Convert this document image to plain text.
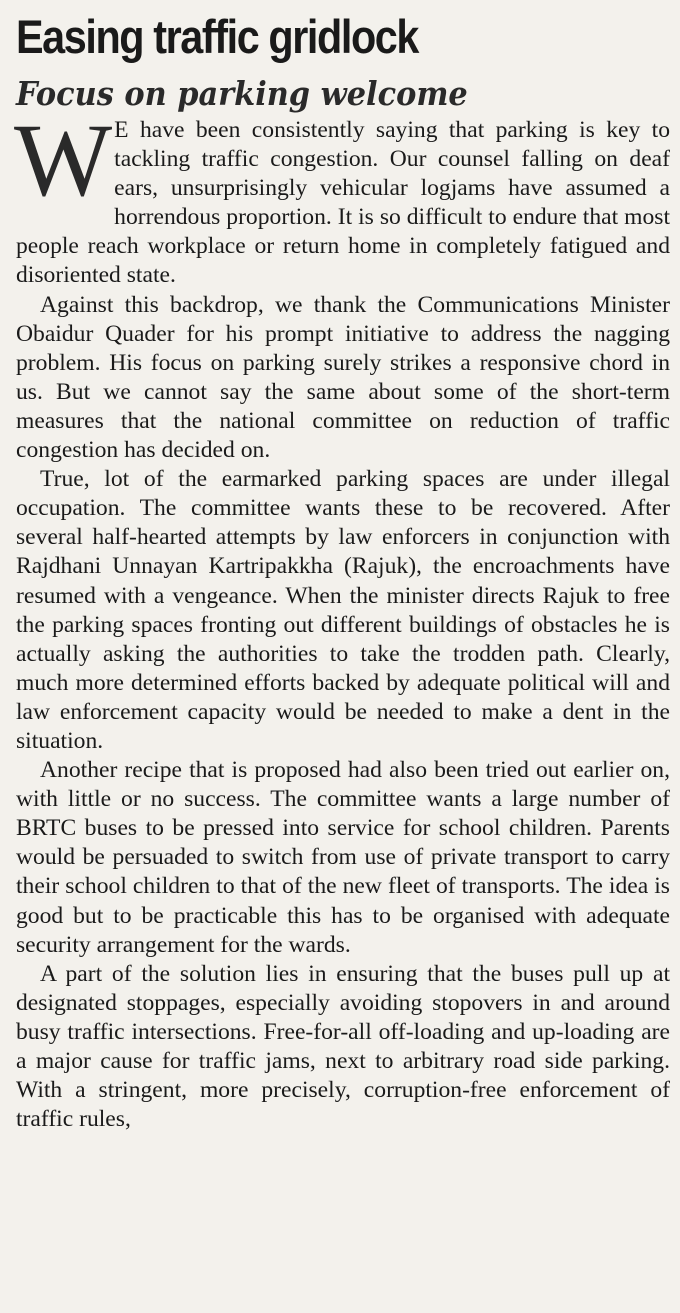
Easing traffic gridlock
Focus on parking welcome

W E have been consistently saying that parking is key to tackling traffic congestion. Our counsel falling on deaf ears, unsurprisingly vehicular logjams have assumed a horrendous proportion. It is so difficult to endure that most people reach workplace or return home in completely fatigued and disoriented state.

Against this backdrop, we thank the Communications Minister Obaidur Quader for his prompt initiative to address the nagging problem. His focus on parking surely strikes a responsive chord in us. But we cannot say the same about some of the short-term measures that the national committee on reduction of traffic congestion has decided on.

True, lot of the earmarked parking spaces are under illegal occupation. The committee wants these to be recovered. After several half-hearted attempts by law enforcers in conjunction with Rajdhani Unnayan Kartripakkha (Rajuk), the encroachments have resumed with a vengeance. When the minister directs Rajuk to free the parking spaces fronting out different buildings of obstacles he is actually asking the authorities to take the trodden path. Clearly, much more determined efforts backed by adequate political will and law enforcement capacity would be needed to make a dent in the situation.

Another recipe that is proposed had also been tried out earlier on, with little or no success. The committee wants a large number of BRTC buses to be pressed into service for school children. Parents would be persuaded to switch from use of private transport to carry their school children to that of the new fleet of transports. The idea is good but to be practicable this has to be organised with adequate security arrangement for the wards.

A part of the solution lies in ensuring that the buses pull up at designated stoppages, especially avoiding stopovers in and around busy traffic intersections. Free-for-all off-loading and up-loading are a major cause for traffic jams, next to arbitrary road side parking. With a stringent, more precisely, corruption-free enforcement of traffic rules,
